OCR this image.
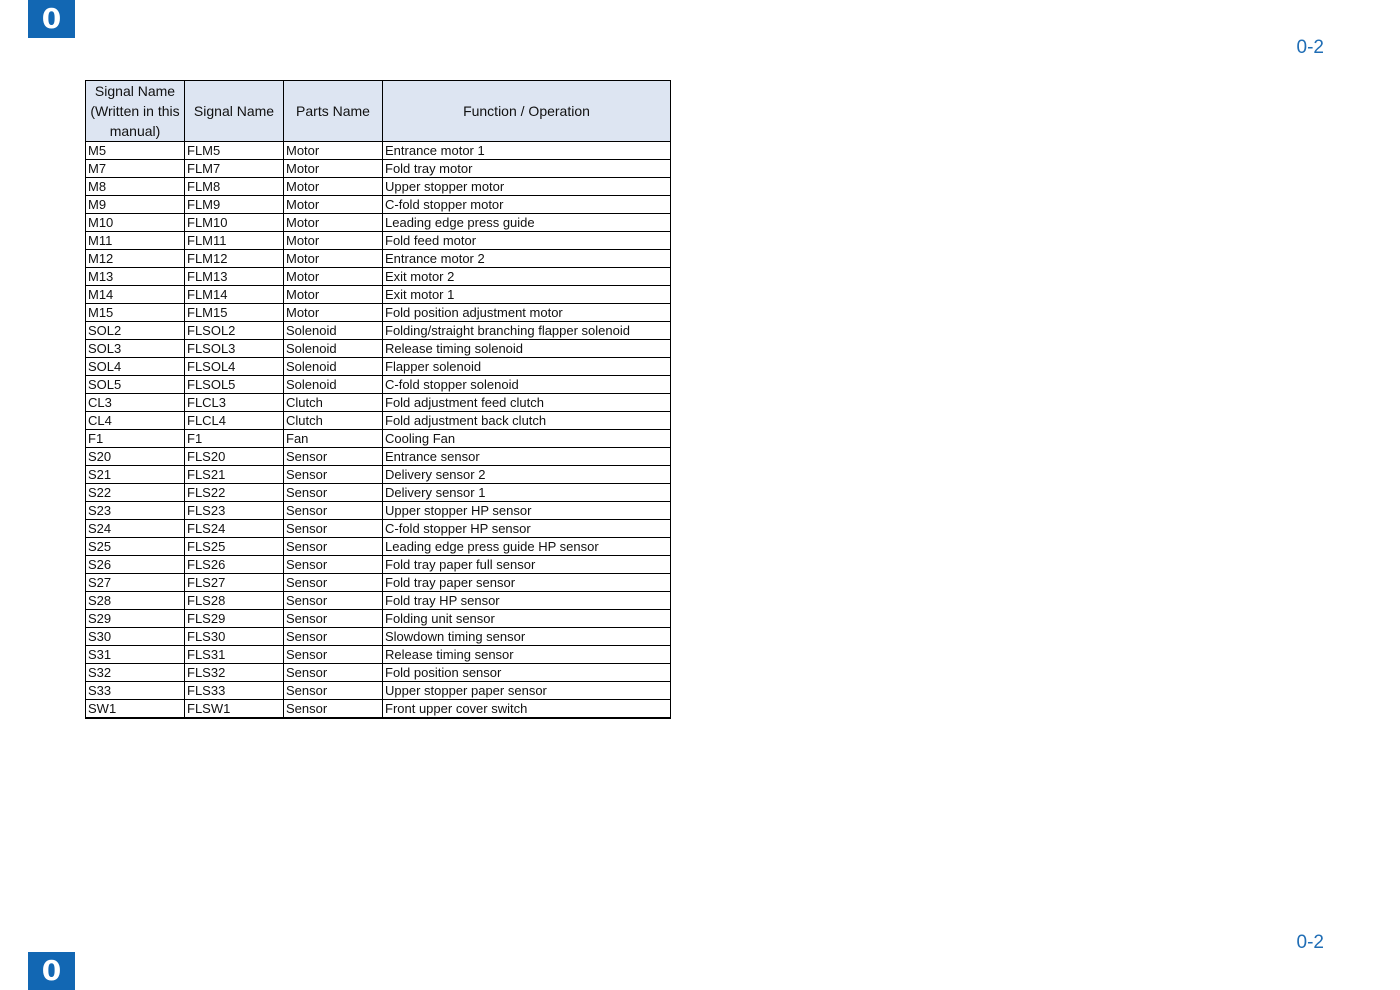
0
0-2
Signal Name (Written in this manual)	Signal Name	Parts Name	Function / Operation
M5	FLM5	Motor	Entrance motor 1
M7	FLM7	Motor	Fold tray motor
M8	FLM8	Motor	Upper stopper motor
M9	FLM9	Motor	C-fold stopper motor
M10	FLM10	Motor	Leading edge press guide
M11	FLM11	Motor	Fold feed motor
M12	FLM12	Motor	Entrance motor 2
M13	FLM13	Motor	Exit motor 2
M14	FLM14	Motor	Exit motor 1
M15	FLM15	Motor	Fold position adjustment motor
SOL2	FLSOL2	Solenoid	Folding/straight branching flapper solenoid
SOL3	FLSOL3	Solenoid	Release timing solenoid
SOL4	FLSOL4	Solenoid	Flapper solenoid
SOL5	FLSOL5	Solenoid	C-fold stopper solenoid
CL3	FLCL3	Clutch	Fold adjustment feed clutch
CL4	FLCL4	Clutch	Fold adjustment back clutch
F1	F1	Fan	Cooling Fan
S20	FLS20	Sensor	Entrance sensor
S21	FLS21	Sensor	Delivery sensor 2
S22	FLS22	Sensor	Delivery sensor 1
S23	FLS23	Sensor	Upper stopper HP sensor
S24	FLS24	Sensor	C-fold stopper HP sensor
S25	FLS25	Sensor	Leading edge press guide HP sensor
S26	FLS26	Sensor	Fold tray paper full sensor
S27	FLS27	Sensor	Fold tray paper sensor
S28	FLS28	Sensor	Fold tray HP sensor
S29	FLS29	Sensor	Folding unit sensor
S30	FLS30	Sensor	Slowdown timing sensor
S31	FLS31	Sensor	Release timing sensor
S32	FLS32	Sensor	Fold position sensor
S33	FLS33	Sensor	Upper stopper paper sensor
SW1	FLSW1	Sensor	Front upper cover switch
0
0-2
